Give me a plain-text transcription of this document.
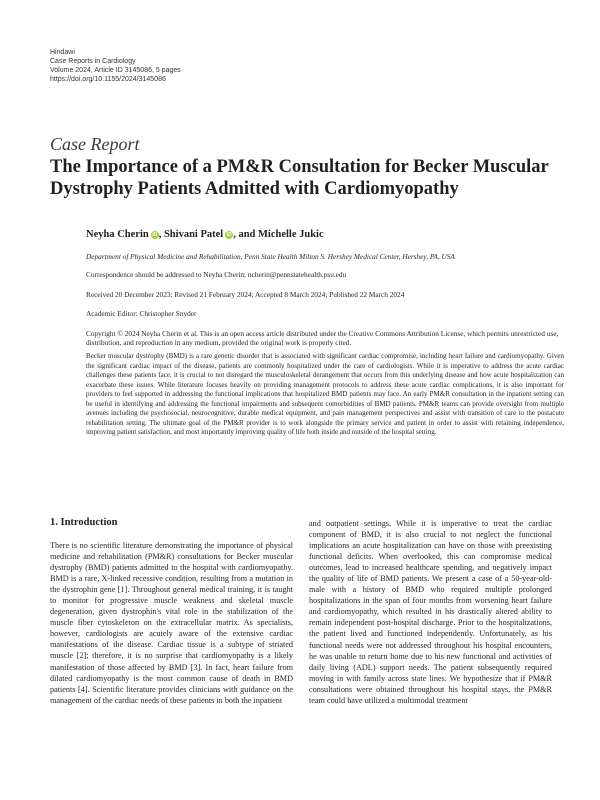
Hindawi
Case Reports in Cardiology
Volume 2024, Article ID 3145086, 5 pages
https://doi.org/10.1155/2024/3145086
Case Report
The Importance of a PM&R Consultation for Becker Muscular Dystrophy Patients Admitted with Cardiomyopathy
Neyha Cherin iD , Shivani Patel iD , and Michelle Jukic
Department of Physical Medicine and Rehabilitation, Penn State Health Milton S. Hershey Medical Center, Hershey, PA, USA
Correspondence should be addressed to Neyha Cherin; ncherin@pennstatehealth.psu.edu
Received 20 December 2023; Revised 21 February 2024; Accepted 8 March 2024; Published 22 March 2024
Academic Editor: Christopher Snyder
Copyright © 2024 Neyha Cherin et al. This is an open access article distributed under the Creative Commons Attribution License, which permits unrestricted use, distribution, and reproduction in any medium, provided the original work is properly cited.
Becker muscular dystrophy (BMD) is a rare genetic disorder that is associated with significant cardiac compromise, including heart failure and cardiomyopathy. Given the significant cardiac impact of the disease, patients are commonly hospitalized under the care of cardiologists. While it is imperative to address the acute cardiac challenges these patients face, it is crucial to not disregard the musculoskeletal derangement that occurs from this underlying disease and how acute hospitalization can exacerbate these issues. While literature focuses heavily on providing management protocols to address these acute cardiac complications, it is also important for providers to feel supported in addressing the functional implications that hospitalized BMD patients may face. An early PM&R consultation in the inpatient setting can be useful in identifying and addressing the functional impairments and subsequent comorbidities of BMD patients. PM&R teams can provide oversight from multiple avenues including the psychosocial, neurocognitive, durable medical equipment, and pain management perspectives and assist with transition of care to the postacute rehabilitation setting. The ultimate goal of the PM&R provider is to work alongside the primary service and patient in order to assist with retaining independence, improving patient satisfaction, and most importantly improving quality of life both inside and outside of the hospital setting.
1. Introduction
There is no scientific literature demonstrating the importance of physical medicine and rehabilitation (PM&R) consultations for Becker muscular dystrophy (BMD) patients admitted to the hospital with cardiomyopathy. BMD is a rare, X-linked recessive condition, resulting from a mutation in the dystrophin gene [1]. Throughout general medical training, it is taught to monitor for progressive muscle weakness and skeletal muscle degeneration, given dystrophin's vital role in the stabilization of the muscle fiber cytoskeleton on the extracellular matrix. As specialists, however, cardiologists are acutely aware of the extensive cardiac manifestations of the disease. Cardiac tissue is a subtype of striated muscle [2]; therefore, it is no surprise that cardiomyopathy is a likely manifestation of those affected by BMD [3]. In fact, heart failure from dilated cardiomyopathy is the most common cause of death in BMD patients [4]. Scientific literature provides clinicians with guidance on the management of the cardiac needs of these patients in both the inpatient
and outpatient settings. While it is imperative to treat the cardiac component of BMD, it is also crucial to not neglect the functional implications an acute hospitalization can have on those with preexisting functional deficits. When overlooked, this can compromise medical outcomes, lead to increased healthcare spending, and negatively impact the quality of life of BMD patients. We present a case of a 50-year-old-male with a history of BMD who required multiple prolonged hospitalizations in the span of four months from worsening heart failure and cardiomyopathy, which resulted in his drastically altered ability to remain independent post-hospital discharge. Prior to the hospitalizations, the patient lived and functioned independently. Unfortunately, as his functional needs were not addressed throughout his hospital encounters, he was unable to return home due to his new functional and activities of daily living (ADL) support needs. The patient subsequently required moving in with family across state lines. We hypothesize that if PM&R consultations were obtained throughout his hospital stays, the PM&R team could have utilized a multimodal treatment
